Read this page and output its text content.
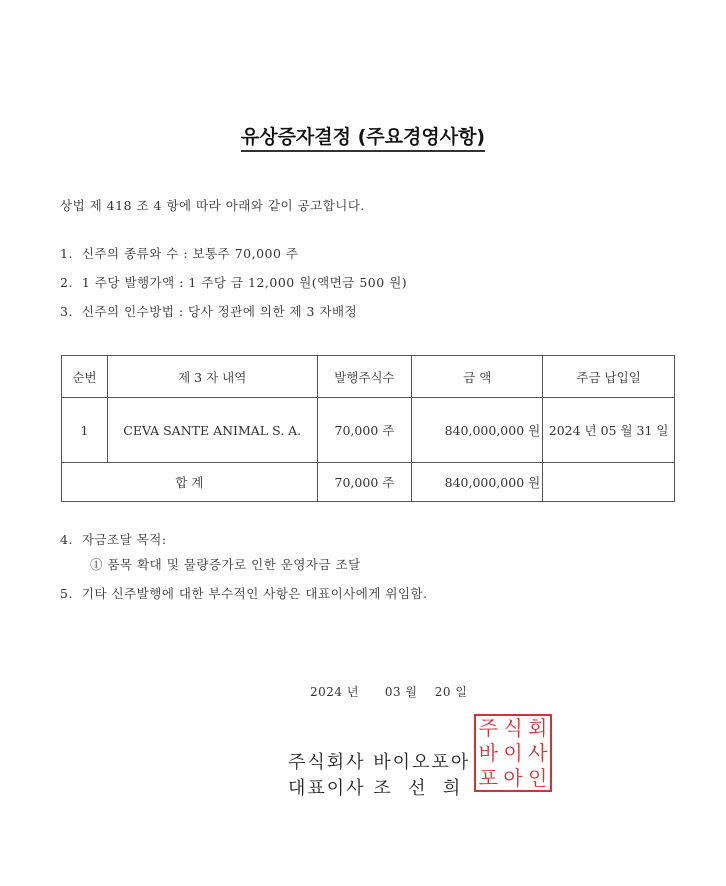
유상증자결정 (주요경영사항)
상법 제 418 조 4 항에 따라 아래와 같이 공고합니다.
1. 신주의 종류와 수 : 보통주 70,000 주
2. 1 주당 발행가액 : 1 주당 금 12,000 원(액면금 500 원)
3. 신주의 인수방법 : 당사 정관에 의한 제 3 자배정
순번	제 3 자 내역	발행주식수	금 액	주금 납입일
1	CEVA SANTE ANIMAL S. A.	70,000 주	840,000,000 원	2024 년 05 월 31 일
합 계		70,000 주	840,000,000 원	
4. 자금조달 목적:
① 품목 확대 및 물량증가로 인한 운영자금 조달
5. 기타 신주발행에 대한 부수적인 사항은 대표이사에게 위임함.
2024 년 03 월 20 일
주식회사 바이오포아
대표이사 조  선  희
주 식 회
바 이 사
포 아 인
